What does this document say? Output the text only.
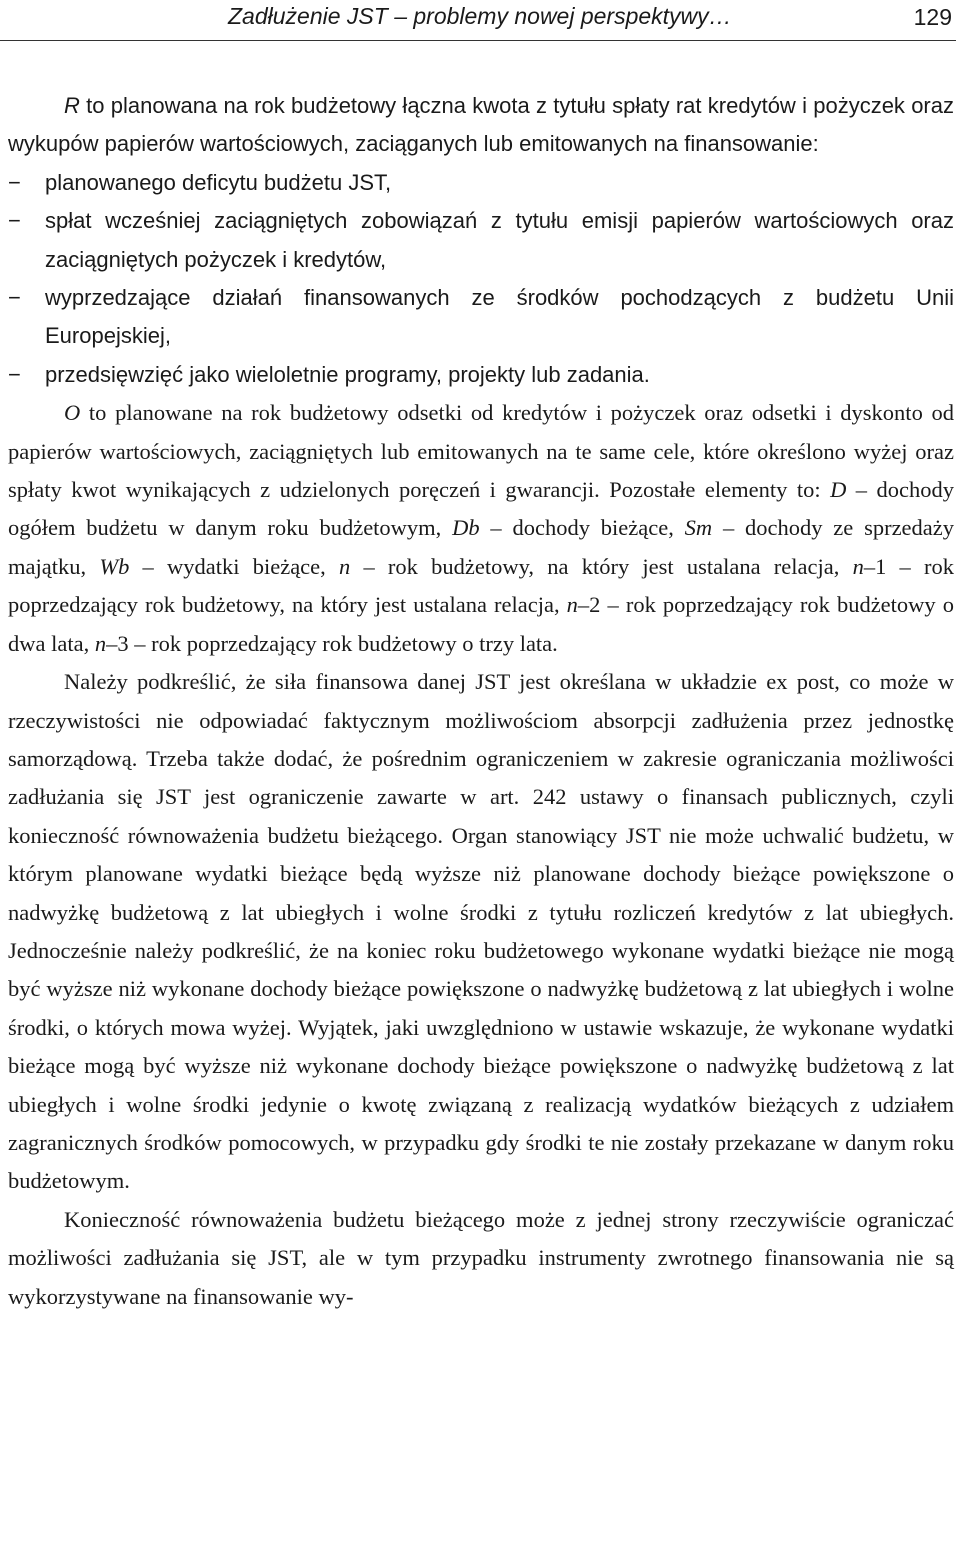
Zadłużenie JST – problemy nowej perspektywy…	129

R to planowana na rok budżetowy łączna kwota z tytułu spłaty rat kredytów i pożyczek oraz wykupów papierów wartościowych, zaciąganych lub emitowanych na finansowanie:

− planowanego deficytu budżetu JST,
− spłat wcześniej zaciągniętych zobowiązań z tytułu emisji papierów wartościowych oraz zaciągniętych pożyczek i kredytów,
− wyprzedzające działań finansowanych ze środków pochodzących z budżetu Unii Europejskiej,
− przedsięwzięć jako wieloletnie programy, projekty lub zadania.

O to planowane na rok budżetowy odsetki od kredytów i pożyczek oraz odsetki i dyskonto od papierów wartościowych, zaciągniętych lub emitowanych na te same cele, które określono wyżej oraz spłaty kwot wynikających z udzielonych poręczeń i gwarancji. Pozostałe elementy to: D – dochody ogółem budżetu w danym roku budżetowym, Db – dochody bieżące, Sm – dochody ze sprzedaży majątku, Wb – wydatki bieżące, n – rok budżetowy, na który jest ustalana relacja, n–1 – rok poprzedzający rok budżetowy, na który jest ustalana relacja, n–2 – rok poprzedzający rok budżetowy o dwa lata, n–3 – rok poprzedzający rok budżetowy o trzy lata.

Należy podkreślić, że siła finansowa danej JST jest określana w układzie ex post, co może w rzeczywistości nie odpowiadać faktycznym możliwościom absorpcji zadłużenia przez jednostkę samorządową. Trzeba także dodać, że pośrednim ograniczeniem w zakresie ograniczania możliwości zadłużania się JST jest ograniczenie zawarte w art. 242 ustawy o finansach publicznych, czyli konieczność równoważenia budżetu bieżącego. Organ stanowiący JST nie może uchwalić budżetu, w którym planowane wydatki bieżące będą wyższe niż planowane dochody bieżące powiększone o nadwyżkę budżetową z lat ubiegłych i wolne środki z tytułu rozliczeń kredytów z lat ubiegłych. Jednocześnie należy podkreślić, że na koniec roku budżetowego wykonane wydatki bieżące nie mogą być wyższe niż wykonane dochody bieżące powiększone o nadwyżkę budżetową z lat ubiegłych i wolne środki, o których mowa wyżej. Wyjątek, jaki uwzględniono w ustawie wskazuje, że wykonane wydatki bieżące mogą być wyższe niż wykonane dochody bieżące powiększone o nadwyżkę budżetową z lat ubiegłych i wolne środki jedynie o kwotę związaną z realizacją wydatków bieżących z udziałem zagranicznych środków pomocowych, w przypadku gdy środki te nie zostały przekazane w danym roku budżetowym.

Konieczność równoważenia budżetu bieżącego może z jednej strony rzeczywiście ograniczać możliwości zadłużania się JST, ale w tym przypadku instrumenty zwrotnego finansowania nie są wykorzystywane na finansowanie wy-
